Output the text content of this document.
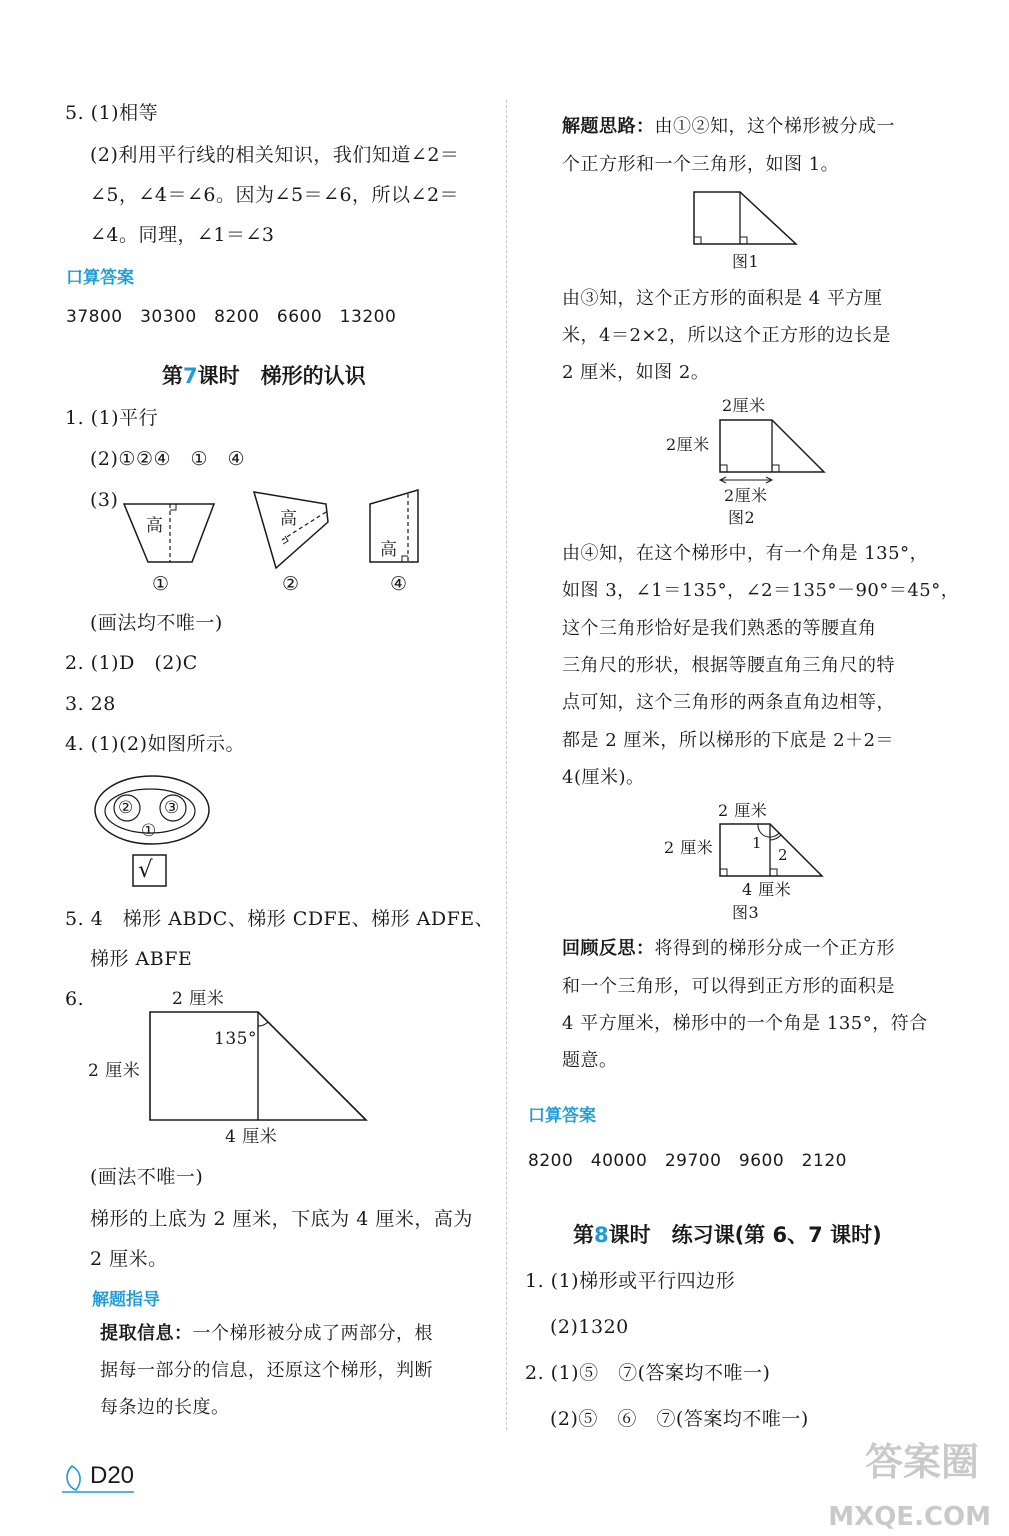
5. (1)相等
(2)利用平行线的相关知识，我们知道∠2＝
∠5，∠4＝∠6。因为∠5＝∠6，所以∠2＝
∠4。同理，∠1＝∠3
口算答案
37800　30300　8200　6600　13200
第7课时　梯形的认识
1. (1)平行
(2)①②④　①　④
(3)
高	高
高
①	②	④
(画法均不唯一)
2. (1)D　(2)C
3. 28
4. (1)(2)如图所示。
② ③
①
√
5. 4　梯形 ABDC、梯形 CDFE、梯形 ADFE、
梯形 ABFE
6.	2 厘米
135°
2 厘米
4 厘米
(画法不唯一)
梯形的上底为 2 厘米，下底为 4 厘米，高为
2 厘米。
解题指导
提取信息：一个梯形被分成了两部分，根
据每一部分的信息，还原这个梯形，判断
每条边的长度。
解题思路：由①②知，这个梯形被分成一
个正方形和一个三角形，如图 1。
图1
由③知，这个正方形的面积是 4 平方厘
米，4＝2×2，所以这个正方形的边长是
2 厘米，如图 2。
2厘米
2厘米
2厘米
图2
由④知，在这个梯形中，有一个角是 135°，
如图 3，∠1＝135°，∠2＝135°－90°＝45°，
这个三角形恰好是我们熟悉的等腰直角
三角尺的形状，根据等腰直角三角尺的特
点可知，这个三角形的两条直角边相等，
都是 2 厘米，所以梯形的下底是 2＋2＝
4(厘米)。
2 厘米
2 厘米	1
2
4 厘米
图3
回顾反思：将得到的梯形分成一个正方形
和一个三角形，可以得到正方形的面积是
4 平方厘米，梯形中的一个角是 135°，符合
题意。
口算答案
8200　40000　29700　9600　2120
第8课时　练习课(第 6、7 课时)
1. (1)梯形或平行四边形
(2)1320
2. (1)⑤　⑦(答案均不唯一)
(2)⑤　⑥　⑦(答案均不唯一)
D20	答案圈
MXQE.COM
